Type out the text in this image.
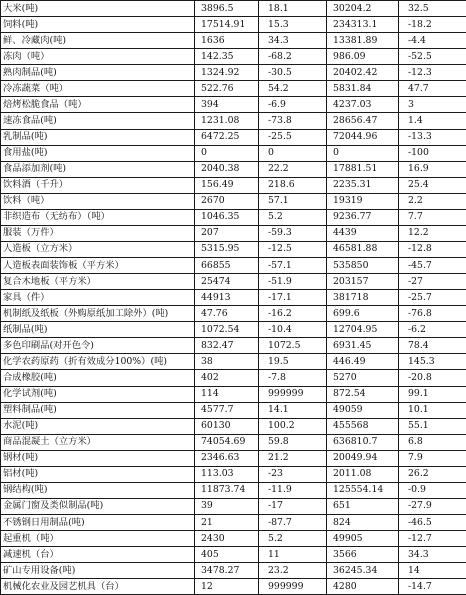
大米(吨)	3896.5	18.1	30204.2	32.5
饲料(吨)	17514.91	15.3	234313.1	-18.2
鲜、冷藏肉(吨)	1636	34.3	13381.89	-4.4
冻肉（吨）	142.35	-68.2	986.09	-52.5
熟肉制品(吨)	1324.92	-30.5	20402.42	-12.3
冷冻蔬菜（吨）	522.76	54.2	5831.84	47.7
焙烤松脆食品（吨）	394	-6.9	4237.03	3
速冻食品(吨)	1231.08	-73.8	28656.47	1.4
乳制品(吨)	6472.25	-25.5	72044.96	-13.3
食用盐(吨)	0	0	0	-100
食品添加剂(吨)	2040.38	22.2	17881.51	16.9
饮料酒（千升）	156.49	218.6	2235.31	25.4
饮料（吨）	2670	57.1	19319	2.2
非织造布（无纺布）（吨）	1046.35	5.2	9236.77	7.7
服装（万件）	207	-59.3	4439	12.2
人造板（立方米）	5315.95	-12.5	46581.88	-12.8
人造板表面装饰板（平方米）	66855	-57.1	535850	-45.7
复合木地板（平方米）	25474	-51.9	203157	-27
家具（件）	44913	-17.1	381718	-25.7
机制纸及纸板（外购原纸加工除外）(吨)	47.76	-16.2	699.6	-76.8
纸制品(吨)	1072.54	-10.4	12704.95	-6.2
多色印刷品(对开色令)	832.47	1072.5	6931.45	78.4
化学农药原药（折有效成分100%）(吨)	38	19.5	446.49	145.3
合成橡胶(吨)	402	-7.8	5270	-20.8
化学试剂(吨)	114	999999	872.54	99.1
塑料制品(吨)	4577.7	14.1	49059	10.1
水泥(吨)	60130	100.2	455568	55.1
商品混凝土（立方米）	74054.69	59.8	636810.7	6.8
钢材(吨)	2346.63	21.2	20049.94	7.9
铝材(吨)	113.03	-23	2011.08	26.2
钢结构(吨)	11873.74	-11.9	125554.14	-0.9
金属门窗及类似制品(吨)	39	-17	651	-27.9
不锈钢日用制品(吨)	21	-87.7	824	-46.5
起重机（吨）	2430	5.2	49905	-12.7
减速机（台）	405	11	3566	34.3
矿山专用设备(吨)	3478.27	23.2	36245.34	14
机械化农业及园艺机具（台）	12	999999	4280	-14.7
